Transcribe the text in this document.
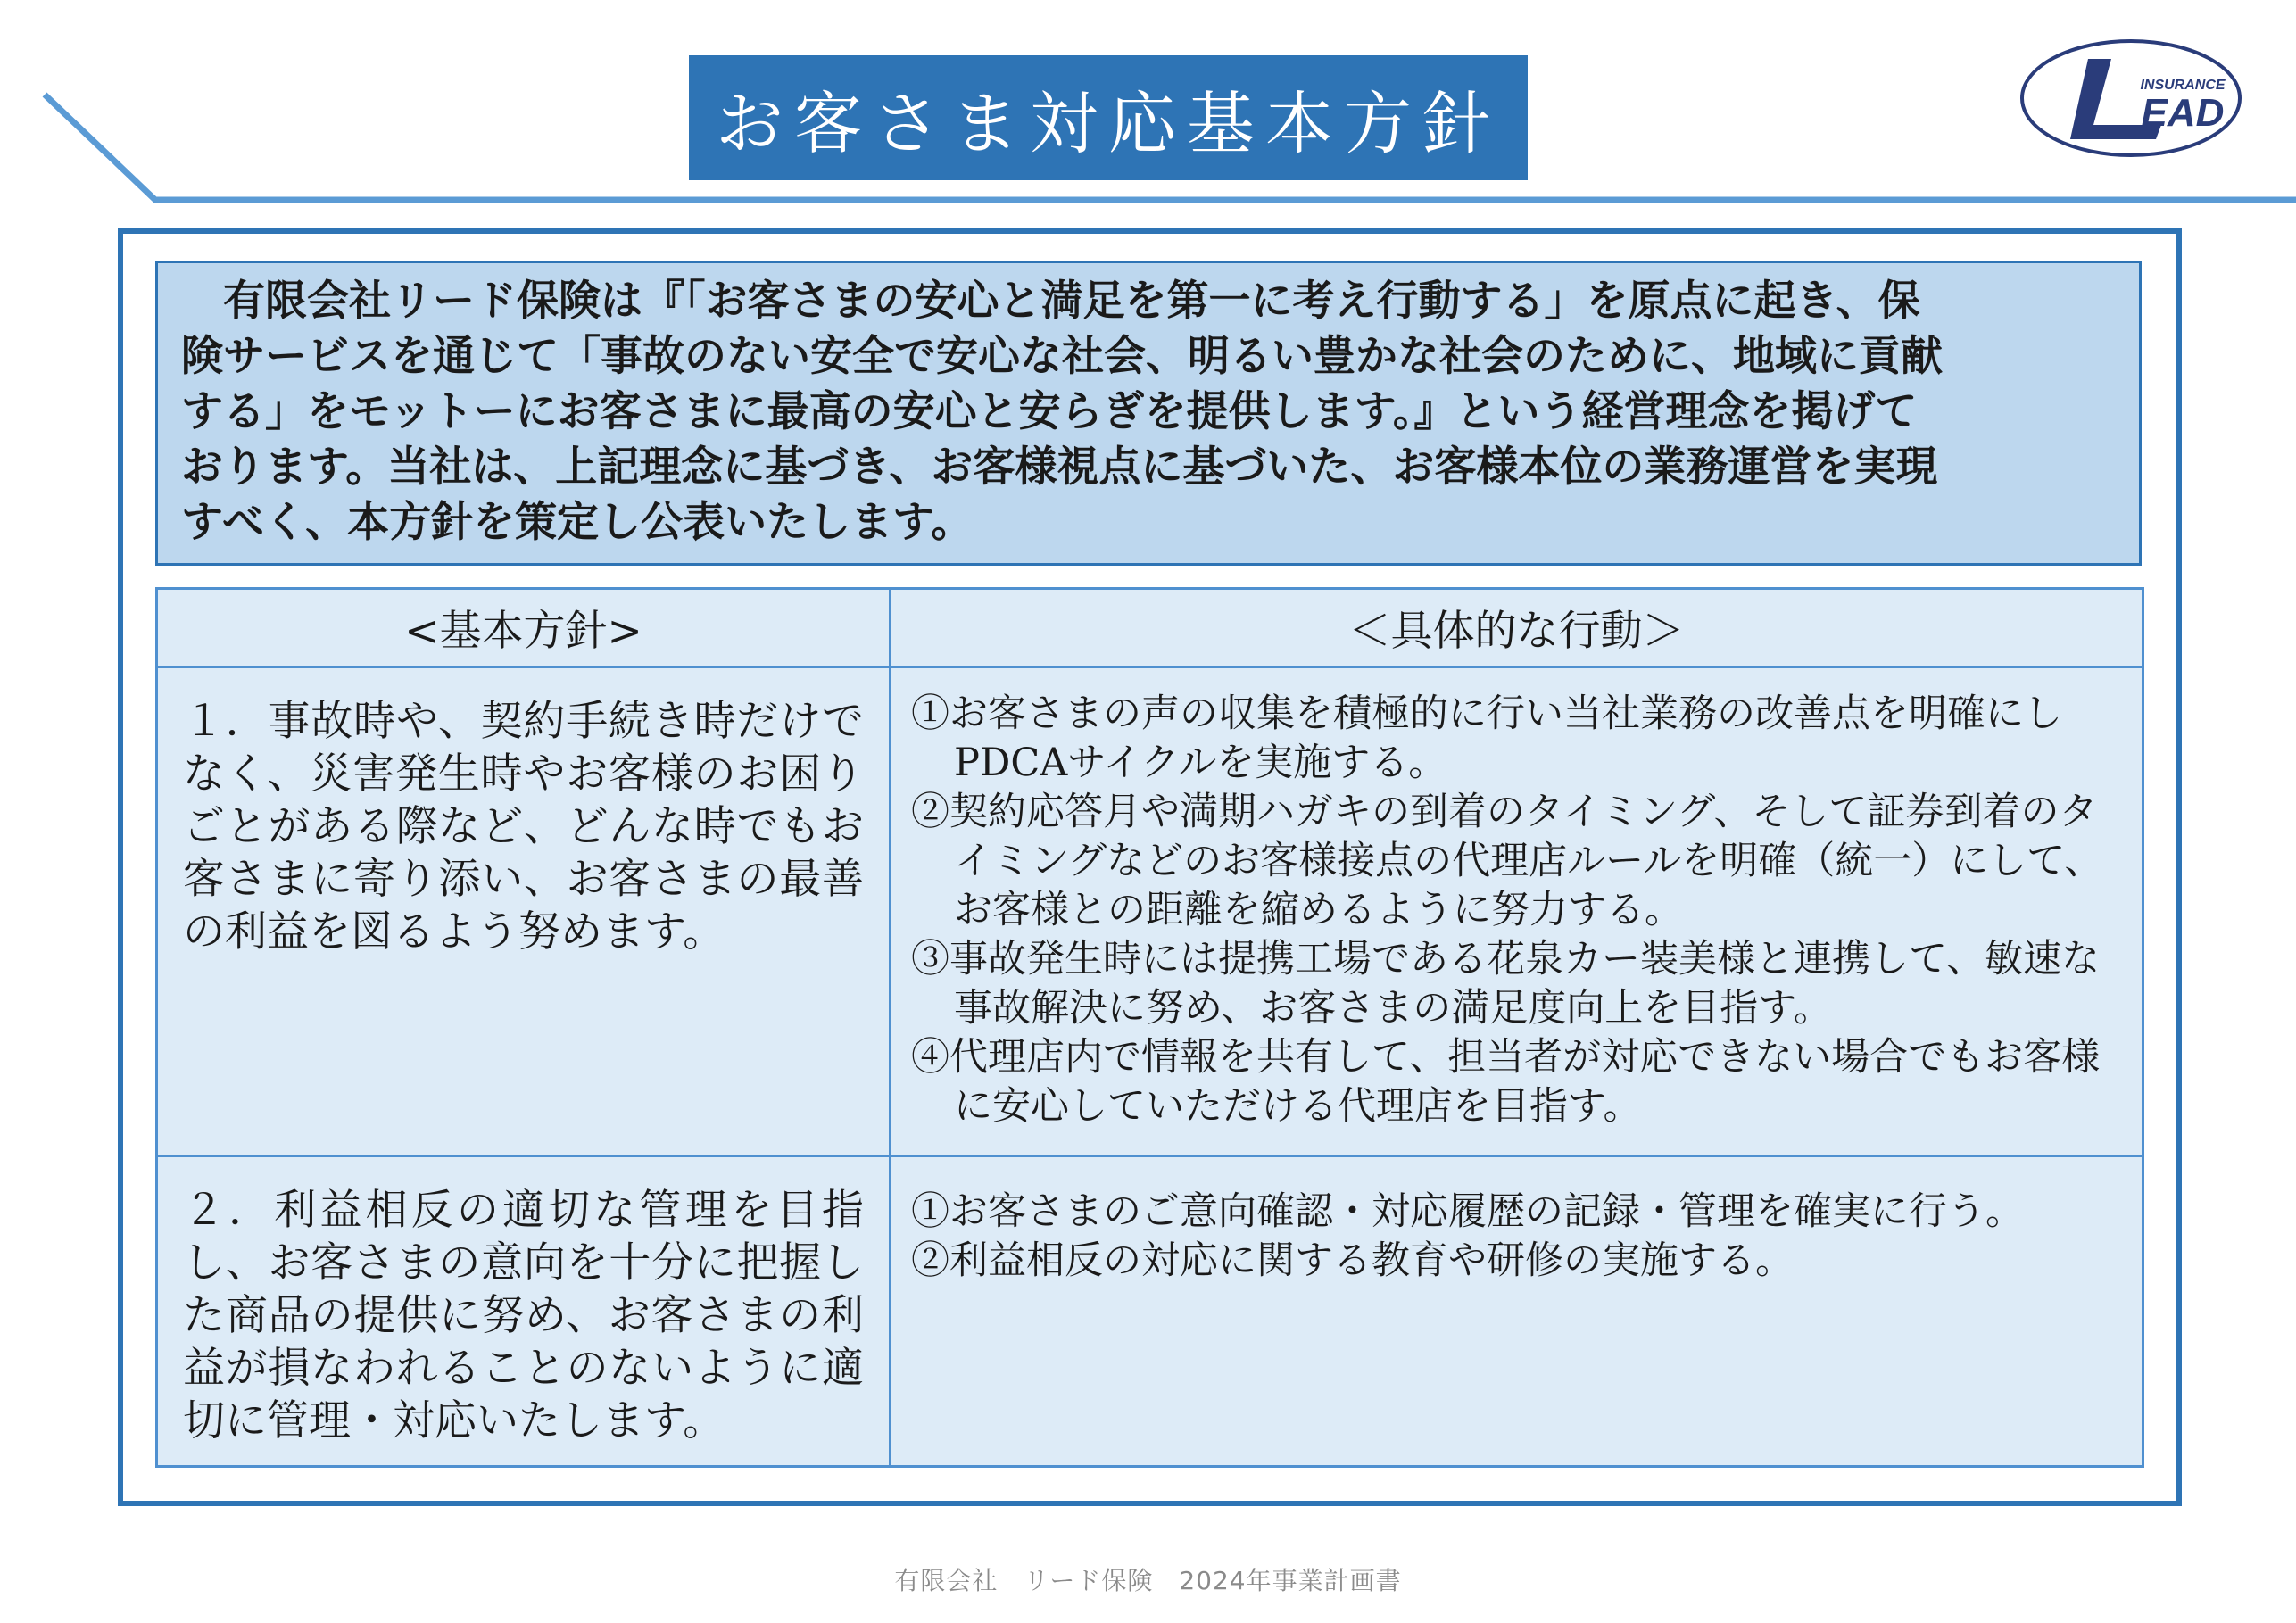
お客さま対応基本方針	INSURANCE
EAD
　有限会社リード保険は『「お客さまの安心と満足を第一に考え行動する」を原点に起き、保
険サービスを通じて「事故のない安全で安心な社会、明るい豊かな社会のために、地域に貢献
する」をモットーにお客さまに最高の安心と安らぎを提供します。』という経営理念を掲げて
おります。当社は、上記理念に基づき、お客様視点に基づいた、お客様本位の業務運営を実現
すべく、本方針を策定し公表いたします。
<基本方針>	＜具体的な行動＞
１．事故時や、契約手続き時だけでなく、災害発生時やお客様のお困りごとがある際など、どんな時でもお客さまに寄り添い、お客さまの最善の利益を図るよう努めます。	①お客さまの声の収集を積極的に行い当社業務の改善点を明確にしPDCAサイクルを実施する。
②契約応答月や満期ハガキの到着のタイミング、そして証券到着のタイミングなどのお客様接点の代理店ルールを明確（統一）にして、お客様との距離を縮めるように努力する。
③事故発生時には提携工場である花泉カー装美様と連携して、敏速な事故解決に努め、お客さまの満足度向上を目指す。
④代理店内で情報を共有して、担当者が対応できない場合でもお客様に安心していただける代理店を目指す。

２．利益相反の適切な管理を目指し、お客さまの意向を十分に把握した商品の提供に努め、お客さまの利益が損なわれることのないように適切に管理・対応いたします。	①お客さまのご意向確認・対応履歴の記録・管理を確実に行う。
②利益相反の対応に関する教育や研修の実施する。
有限会社　リード保険　2024年事業計画書
